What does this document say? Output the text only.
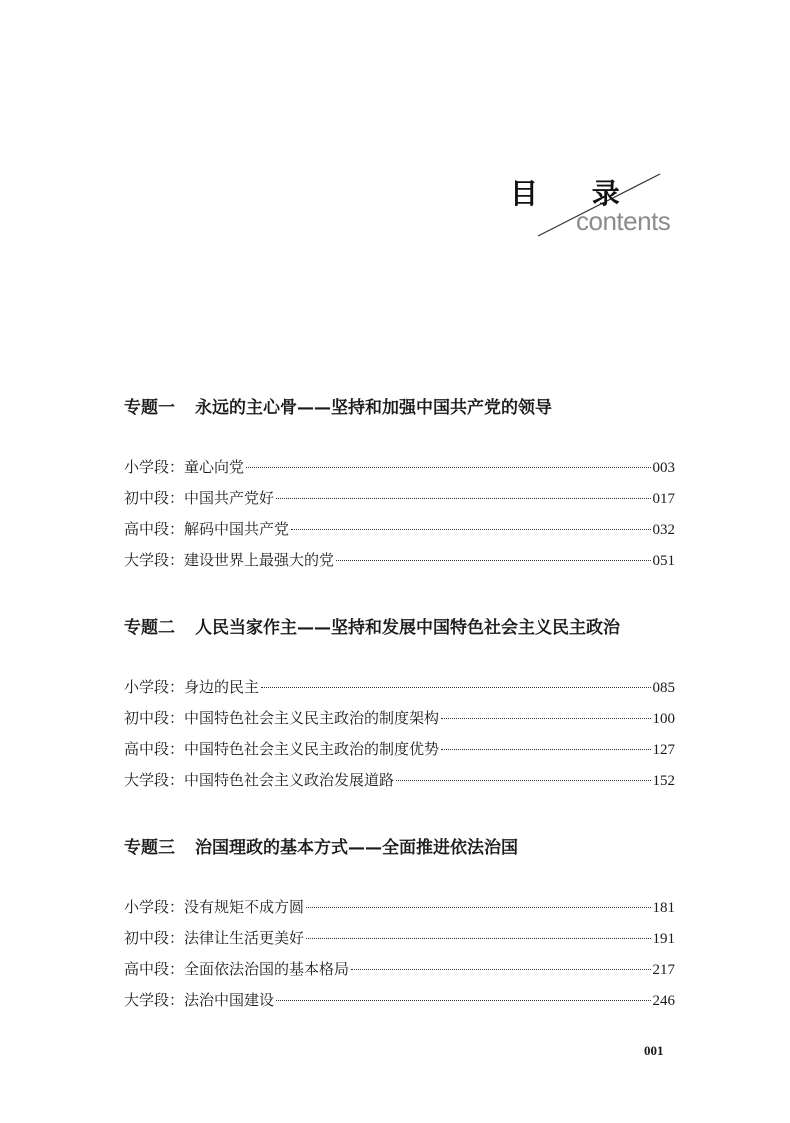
目 录
contents
专题一 永远的主心骨——坚持和加强中国共产党的领导
小学段： 童心向党	003
初中段： 中国共产党好	017
高中段： 解码中国共产党	032
大学段： 建设世界上最强大的党	051
专题二 人民当家作主——坚持和发展中国特色社会主义民主政治
小学段： 身边的民主	085
初中段： 中国特色社会主义民主政治的制度架构	100
高中段： 中国特色社会主义民主政治的制度优势	127
大学段： 中国特色社会主义政治发展道路	152
专题三 治国理政的基本方式——全面推进依法治国
小学段： 没有规矩不成方圆	181
初中段： 法律让生活更美好	191
高中段： 全面依法治国的基本格局	217
大学段： 法治中国建设	246
001
